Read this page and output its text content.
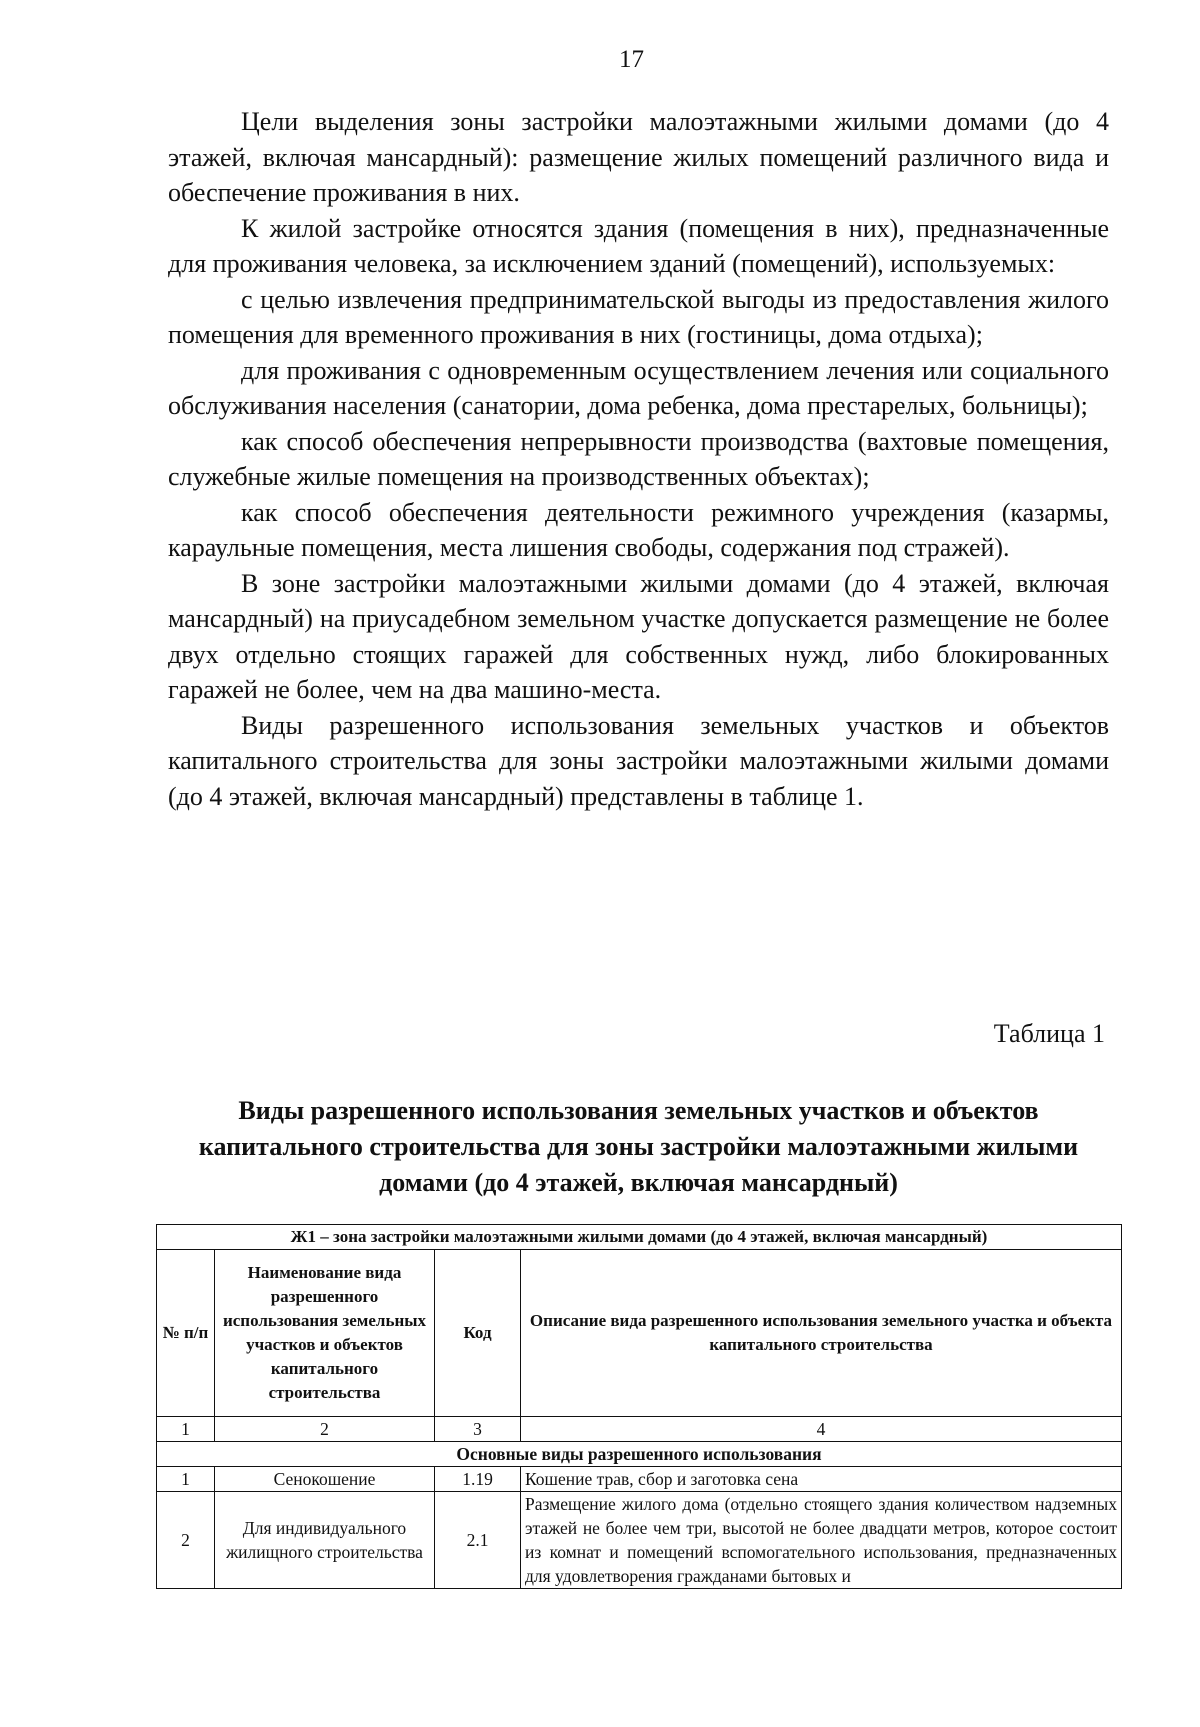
17

Цели выделения зоны застройки малоэтажными жилыми домами (до 4 этажей, включая мансардный): размещение жилых помещений различного вида и обеспечение проживания в них.

К жилой застройке относятся здания (помещения в них), предназначенные для проживания человека, за исключением зданий (помещений), используемых:

с целью извлечения предпринимательской выгоды из предоставления жилого помещения для временного проживания в них (гостиницы, дома отдыха);

для проживания с одновременным осуществлением лечения или социального обслуживания населения (санатории, дома ребенка, дома престарелых, больницы);

как способ обеспечения непрерывности производства (вахтовые помещения, служебные жилые помещения на производственных объектах);

как способ обеспечения деятельности режимного учреждения (казармы, караульные помещения, места лишения свободы, содержания под стражей).

В зоне застройки малоэтажными жилыми домами (до 4 этажей, включая мансардный) на приусадебном земельном участке допускается размещение не более двух отдельно стоящих гаражей для собственных нужд, либо блокированных гаражей не более, чем на два машино-места.

Виды разрешенного использования земельных участков и объектов капитального строительства для зоны застройки малоэтажными жилыми домами (до 4 этажей, включая мансардный) представлены в таблице 1.

Таблица 1
Виды разрешенного использования земельных участков и объектов капитального строительства для зоны застройки малоэтажными жилыми домами (до 4 этажей, включая мансардный)
Ж1 – зона застройки малоэтажными жилыми домами (до 4 этажей, включая мансардный)			
№ п/п	Наименование вида разрешенного использования земельных участков и объектов капитального строительства	Код	Описание вида разрешенного использования земельного участка и объекта капитального строительства
1	2	3	4
Основные виды разрешенного использования			
1	Сенокошение	1.19	Кошение трав, сбор и заготовка сена
2	Для индивидуального жилищного строительства	2.1	Размещение жилого дома (отдельно стоящего здания количеством надземных этажей не более чем три, высотой не более двадцати метров, которое состоит из комнат и помещений вспомогательного использования, предназначенных для удовлетворения гражданами бытовых и
